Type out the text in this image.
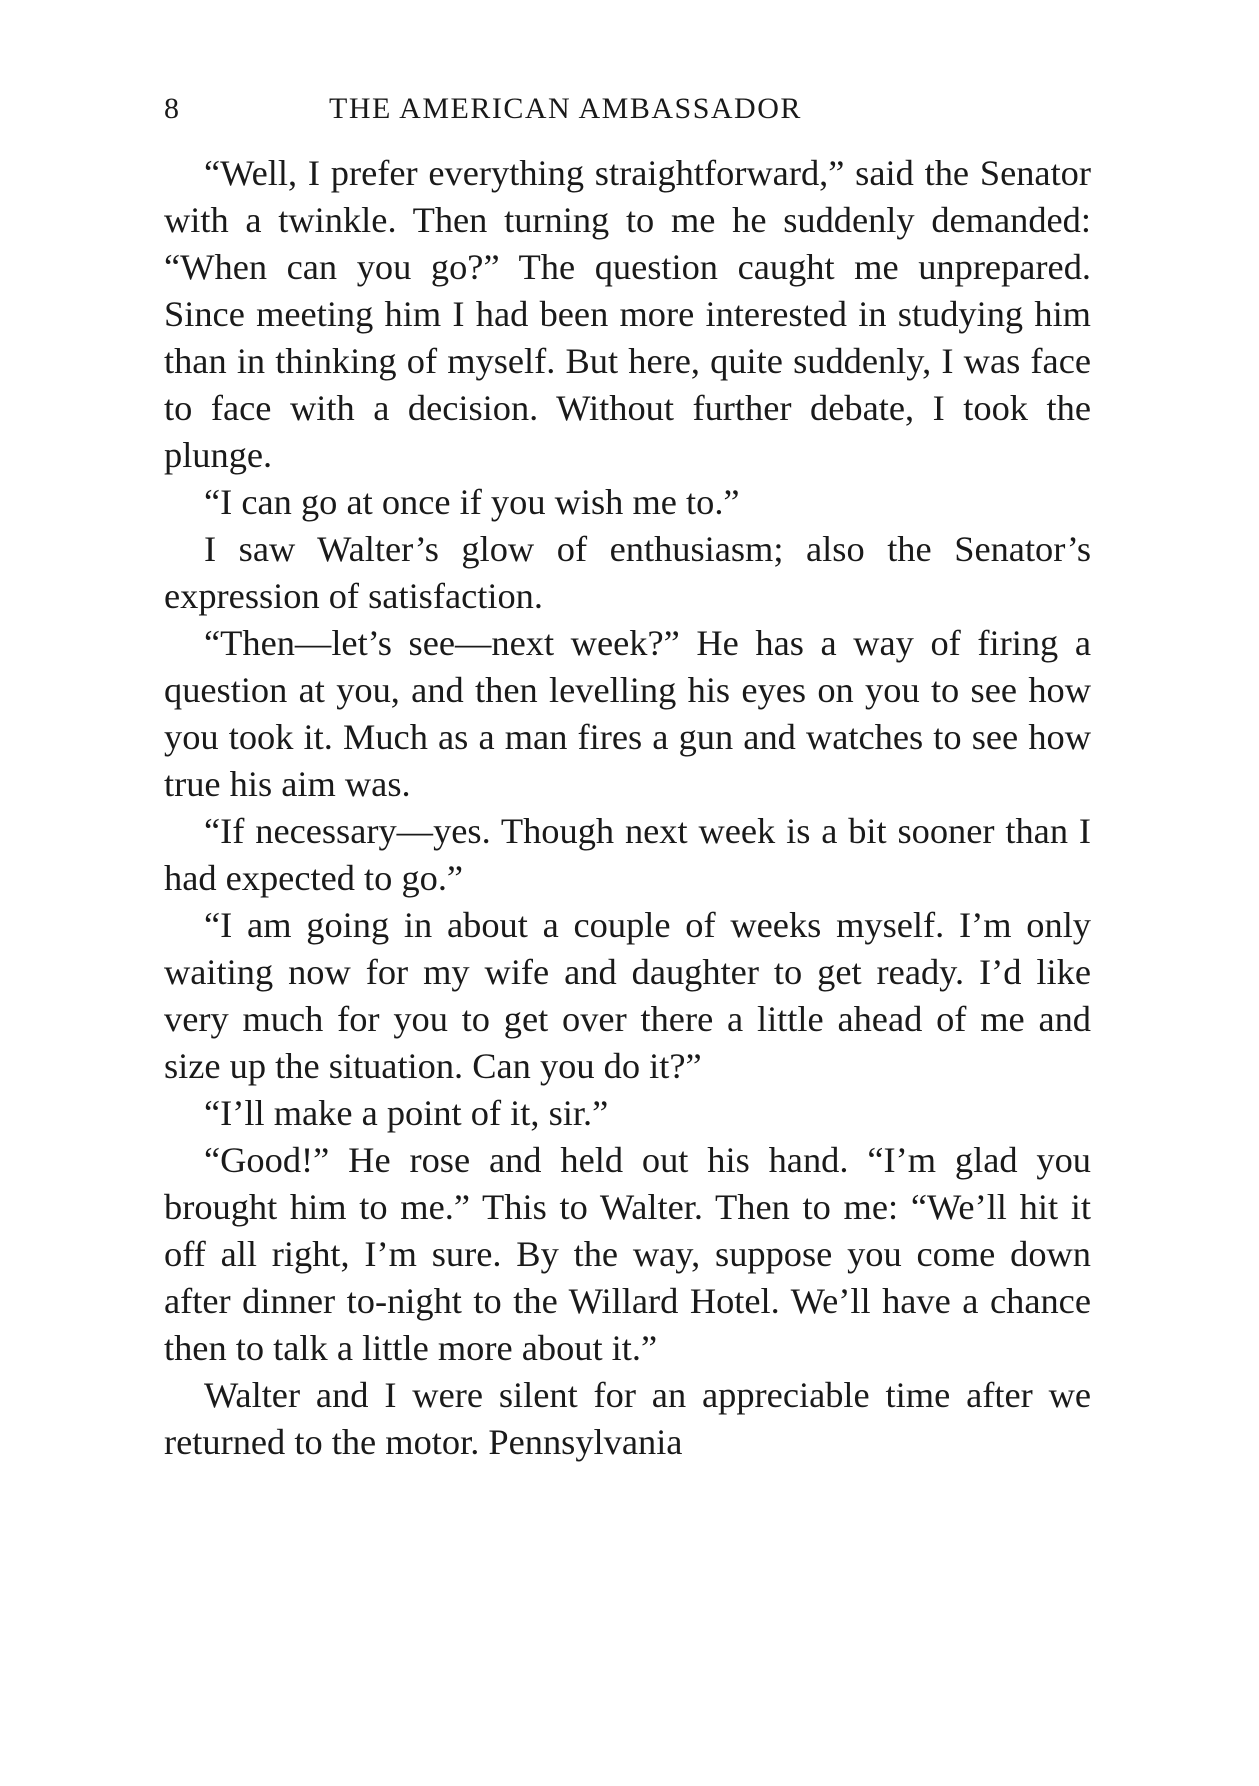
8	THE AMERICAN AMBASSADOR

“Well, I prefer everything straightforward,” said the Senator with a twinkle. Then turning to me he suddenly demanded: “When can you go?” The question caught me unprepared. Since meeting him I had been more interested in studying him than in thinking of myself. But here, quite suddenly, I was face to face with a decision. Without further debate, I took the plunge.

“I can go at once if you wish me to.”

I saw Walter’s glow of enthusiasm; also the Senator’s expression of satisfaction.

“Then—let’s see—next week?” He has a way of firing a question at you, and then levelling his eyes on you to see how you took it. Much as a man fires a gun and watches to see how true his aim was.

“If necessary—yes. Though next week is a bit sooner than I had expected to go.”

“I am going in about a couple of weeks myself. I’m only waiting now for my wife and daughter to get ready. I’d like very much for you to get over there a little ahead of me and size up the situation. Can you do it?”

“I’ll make a point of it, sir.”

“Good!” He rose and held out his hand. “I’m glad you brought him to me.” This to Walter. Then to me: “We’ll hit it off all right, I’m sure. By the way, suppose you come down after dinner to-night to the Willard Hotel. We’ll have a chance then to talk a little more about it.”

Walter and I were silent for an appreciable time after we returned to the motor. Pennsylvania
